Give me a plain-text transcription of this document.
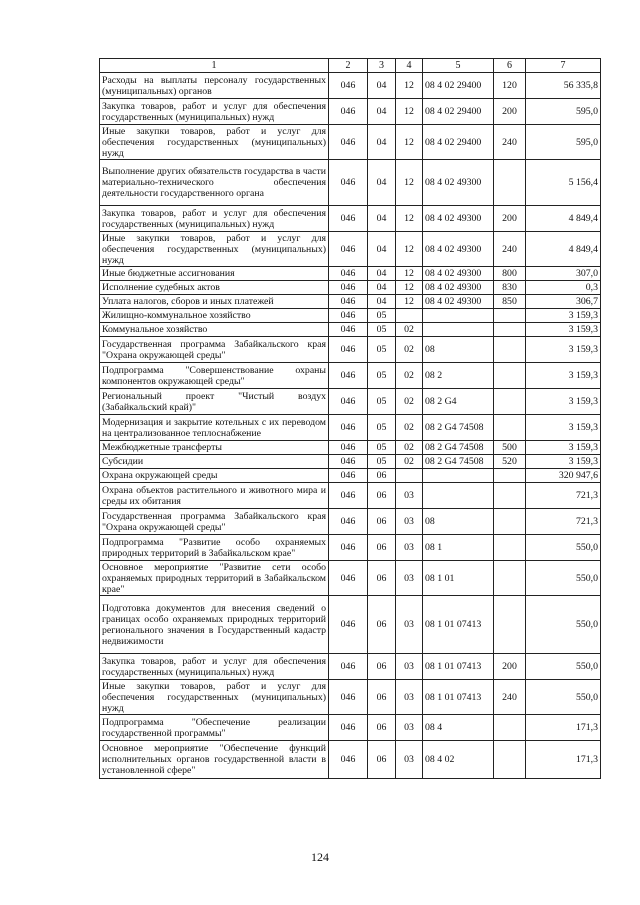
1	2	3	4	5	6	7
Расходы на выплаты персоналу государственных (муниципальных) органов	046	04	12	08 4 02 29400	120	56 335,8
Закупка товаров, работ и услуг для обеспечения государственных (муниципальных) нужд	046	04	12	08 4 02 29400	200	595,0
Иные закупки товаров, работ и услуг для обеспечения государственных (муниципальных) нужд	046	04	12	08 4 02 29400	240	595,0
Выполнение других обязательств государства в части материально-технического обеспечения деятельности государственного органа	046	04	12	08 4 02 49300		5 156,4
Закупка товаров, работ и услуг для обеспечения государственных (муниципальных) нужд	046	04	12	08 4 02 49300	200	4 849,4
Иные закупки товаров, работ и услуг для обеспечения государственных (муниципальных) нужд	046	04	12	08 4 02 49300	240	4 849,4
Иные бюджетные ассигнования	046	04	12	08 4 02 49300	800	307,0
Исполнение судебных актов	046	04	12	08 4 02 49300	830	0,3
Уплата налогов, сборов и иных платежей	046	04	12	08 4 02 49300	850	306,7
Жилищно-коммунальное хозяйство	046	05				3 159,3
Коммунальное хозяйство	046	05	02			3 159,3
Государственная программа Забайкальского края "Охрана окружающей среды"	046	05	02	08		3 159,3
Подпрограмма "Совершенствование охраны компонентов окружающей среды"	046	05	02	08 2		3 159,3
Региональный проект "Чистый воздух (Забайкальский край)"	046	05	02	08 2 G4		3 159,3
Модернизация и закрытие котельных с их переводом на централизованное теплоснабжение	046	05	02	08 2 G4 74508		3 159,3
Межбюджетные трансферты	046	05	02	08 2 G4 74508	500	3 159,3
Субсидии	046	05	02	08 2 G4 74508	520	3 159,3
Охрана окружающей среды	046	06				320 947,6
Охрана объектов растительного и животного мира и среды их обитания	046	06	03			721,3
Государственная программа Забайкальского края "Охрана окружающей среды"	046	06	03	08		721,3
Подпрограмма "Развитие особо охраняемых природных территорий в Забайкальском крае"	046	06	03	08 1		550,0
Основное мероприятие "Развитие сети особо охраняемых природных территорий в Забайкальском крае"	046	06	03	08 1 01		550,0
Подготовка документов для внесения сведений о границах особо охраняемых природных территорий регионального значения в Государственный кадастр недвижимости	046	06	03	08 1 01 07413		550,0
Закупка товаров, работ и услуг для обеспечения государственных (муниципальных) нужд	046	06	03	08 1 01 07413	200	550,0
Иные закупки товаров, работ и услуг для обеспечения государственных (муниципальных) нужд	046	06	03	08 1 01 07413	240	550,0
Подпрограмма "Обеспечение реализации государственной программы"	046	06	03	08 4		171,3
Основное мероприятие "Обеспечение функций исполнительных органов государственной власти в установленной сфере"	046	06	03	08 4 02		171,3
124
